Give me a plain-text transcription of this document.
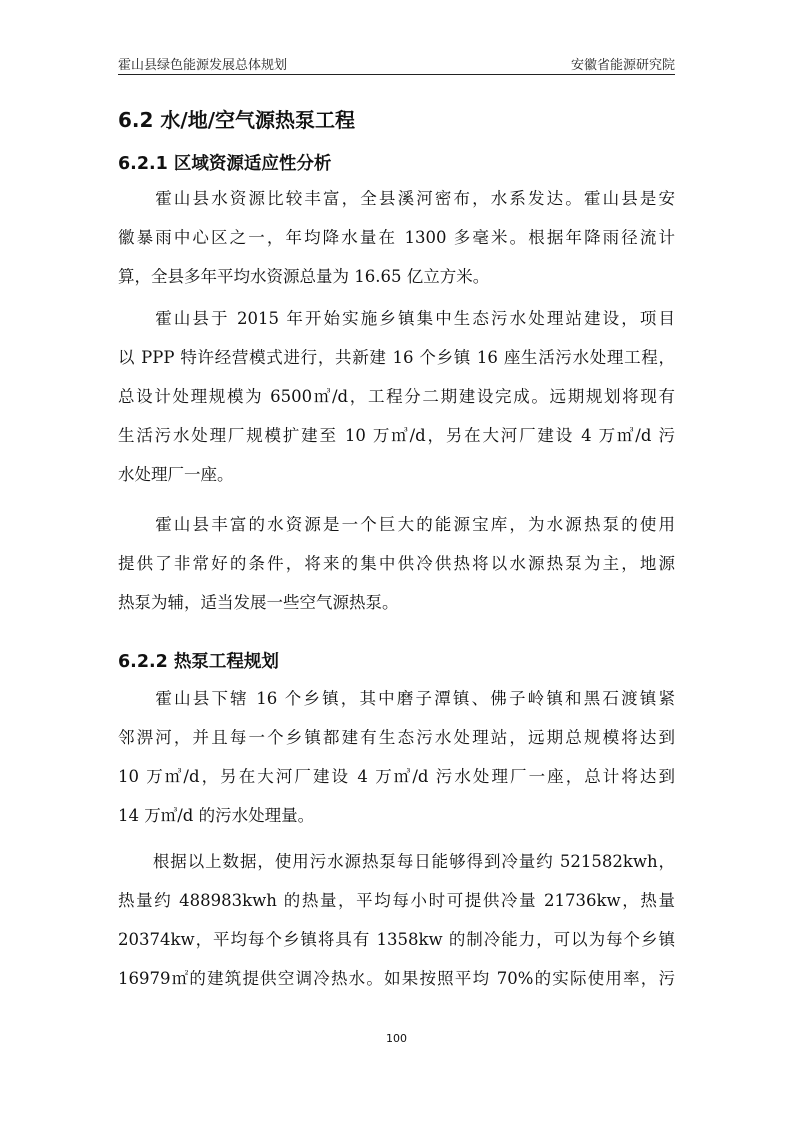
霍山县绿色能源发展总体规划	安徽省能源研究院
6.2 水/地/空气源热泵工程
6.2.1 区域资源适应性分析
　　霍山县水资源比较丰富，全县溪河密布，水系发达。霍山县是安
徽暴雨中心区之一，年均降水量在 1300 多毫米。根据年降雨径流计
算，全县多年平均水资源总量为 16.65 亿立方米。
　　霍山县于 2015 年开始实施乡镇集中生态污水处理站建设，项目
以 PPP 特许经营模式进行，共新建 16 个乡镇 16 座生活污水处理工程，
总设计处理规模为 6500㎥/d，工程分二期建设完成。远期规划将现有
生活污水处理厂规模扩建至 10 万㎥/d，另在大河厂建设 4 万㎥/d 污
水处理厂一座。
　　霍山县丰富的水资源是一个巨大的能源宝库，为水源热泵的使用
提供了非常好的条件，将来的集中供冷供热将以水源热泵为主，地源
热泵为辅，适当发展一些空气源热泵。
6.2.2 热泵工程规划
　　霍山县下辖 16 个乡镇，其中磨子潭镇、佛子岭镇和黑石渡镇紧
邻淠河，并且每一个乡镇都建有生态污水处理站，远期总规模将达到
10 万㎥/d，另在大河厂建设 4 万㎥/d 污水处理厂一座，总计将达到
14 万㎥/d 的污水处理量。
　　根据以上数据，使用污水源热泵每日能够得到冷量约 521582kwh，
热量约 488983kwh 的热量，平均每小时可提供冷量 21736kw，热量
20374kw，平均每个乡镇将具有 1358kw 的制冷能力，可以为每个乡镇
16979㎡的建筑提供空调冷热水。如果按照平均 70%的实际使用率，污
100
